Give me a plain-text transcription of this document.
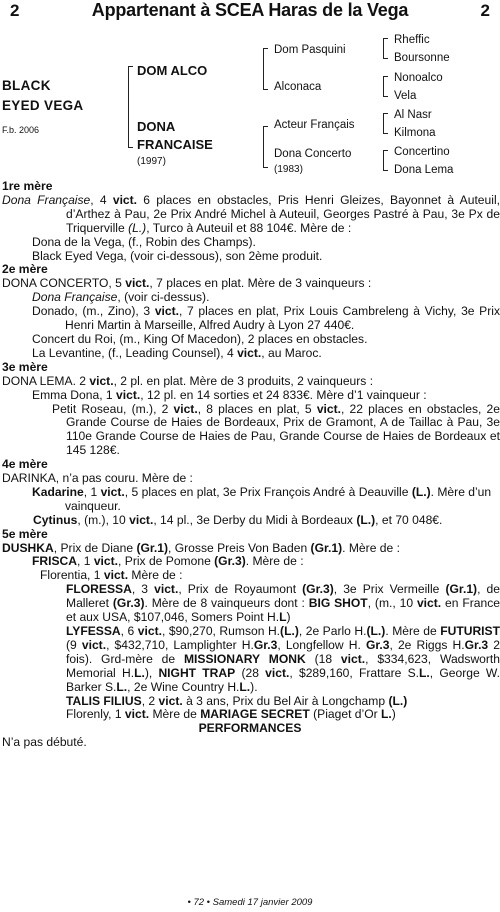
2	Appartenant à SCEA Haras de la Vega	2
BLACK
EYED VEGA
F.b. 2006
DOM ALCO
DONA
FRANCAISE
(1997)
Dom Pasquini
Alconaca
Acteur Français
Dona Concerto
(1983)
Rheffic
Boursonne
Nonoalco
Vela
Al Nasr
Kilmona
Concertino
Dona Lema

1re mère

Dona Française, 4 vict. 6 places en obstacles, Pris Henri Gleizes, Bayonnet à Auteuil, d’Arthez à Pau, 2e Prix André Michel à Auteuil, Georges Pastré à Pau, 3e Px de Triquerville (L.), Turco à Auteuil et 88 104€. Mère de :

Dona de la Vega, (f., Robin des Champs).

Black Eyed Vega, (voir ci-dessous), son 2ème produit.

2e mère

DONA CONCERTO, 5 vict., 7 places en plat. Mère de 3 vainqueurs :

Dona Française, (voir ci-dessus).

Donado, (m., Zino), 3 vict., 7 places en plat, Prix Louis Cambreleng à Vichy, 3e Prix Henri Martin à Marseille, Alfred Audry à Lyon 27 440€.

Concert du Roi, (m., King Of Macedon), 2 places en obstacles.

La Levantine, (f., Leading Counsel), 4 vict., au Maroc.

3e mère

DONA LEMA. 2 vict., 2 pl. en plat. Mère de 3 produits, 2 vainqueurs :

Emma Dona, 1 vict., 12 pl. en 14 sorties et 24 833€. Mère d’1 vainqueur :

Petit Roseau, (m.), 2 vict., 8 places en plat, 5 vict., 22 places en obstacles, 2e Grande Course de Haies de Bordeaux, Prix de Gramont, A de Taillac à Pau, 3e 110e Grande Course de Haies de Pau, Grande Course de Haies de Bordeaux et 145 128€.

4e mère

DARINKA, n’a pas couru. Mère de :

Kadarine, 1 vict., 5 places en plat, 3e Prix François André à Deauville (L.). Mère d’un vainqueur.

Cytinus, (m.), 10 vict., 14 pl., 3e Derby du Midi à Bordeaux (L.), et 70 048€.

5e mère

DUSHKA, Prix de Diane (Gr.1), Grosse Preis Von Baden (Gr.1). Mère de :

FRISCA, 1 vict., Prix de Pomone (Gr.3). Mère de :

Florentia, 1 vict. Mère de :

FLORESSA, 3 vict., Prix de Royaumont (Gr.3), 3e Prix Vermeille (Gr.1), de Malleret (Gr.3). Mère de 8 vainqueurs dont : BIG SHOT, (m., 10 vict. en France et aux USA, $107,046, Somers Point H.L)

LYFESSA, 6 vict., $90,270, Rumson H.(L.), 2e Parlo H.(L.). Mère de FUTURIST (9 vict., $432,710, Lamplighter H.Gr.3, Longfellow H. Gr.3, 2e Riggs H.Gr.3 2 fois). Grd-mère de MISSIONARY MONK (18 vict., $334,623, Wadsworth Memorial H.L.), NIGHT TRAP (28 vict., $289,160, Frattare S.L., George W. Barker S.L., 2e Wine Country H.L.).

TALIS FILIUS, 2 vict. à 3 ans, Prix du Bel Air à Longchamp (L.)

Florenly, 1 vict. Mère de MARIAGE SECRET (Piaget d’Or L.)

PERFORMANCES

N’a pas débuté.

• 72 • Samedi 17 janvier 2009
